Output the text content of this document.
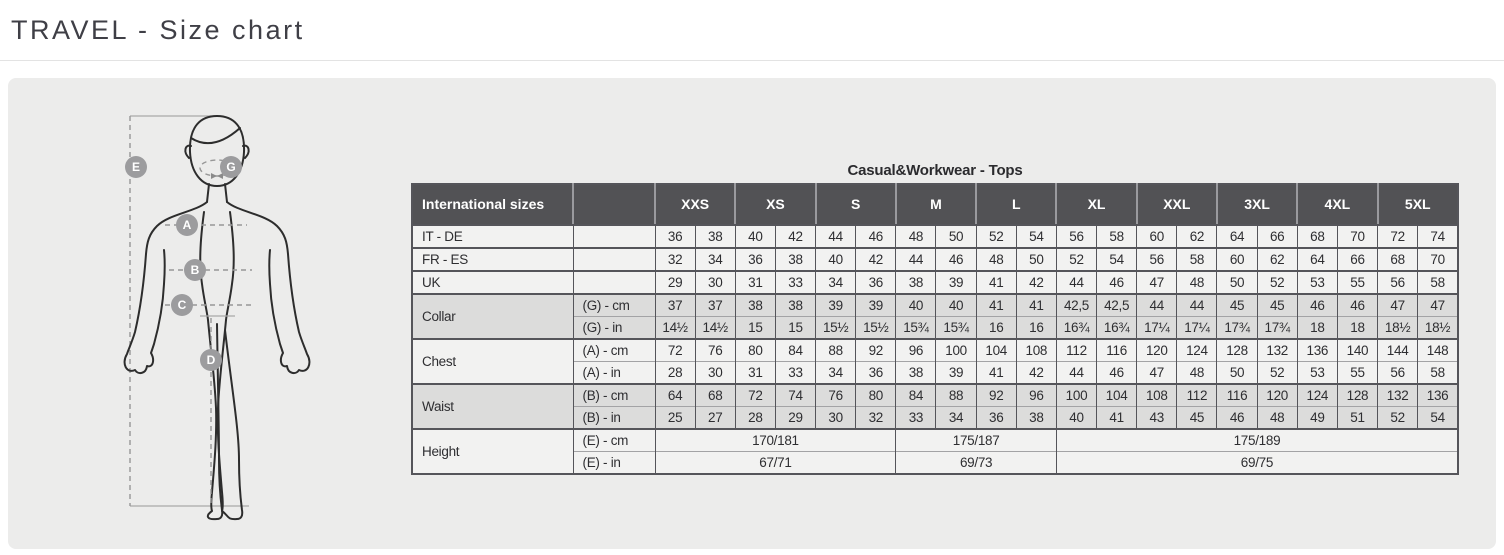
TRAVEL - Size chart
E	G
A
B
C
D
Casual&Workwear - Tops
International sizes		XXS		XS		S		M		L		XL		XXL		3XL		4XL		5XL	
IT - DE		36	38	40	42	44	46	48	50	52	54	56	58	60	62	64	66	68	70	72	74
FR - ES		32	34	36	38	40	42	44	46	48	50	52	54	56	58	60	62	64	66	68	70
UK		29	30	31	33	34	36	38	39	41	42	44	46	47	48	50	52	53	55	56	58
Collar	(G) - cm	37	37	38	38	39	39	40	40	41	41	42,5	42,5	44	44	45	45	46	46	47	47
	(G) - in	14½	14½	15	15	15½	15½	15¾	15¾	16	16	16¾	16¾	17¼	17¼	17¾	17¾	18	18	18½	18½
Chest	(A) - cm	72	76	80	84	88	92	96	100	104	108	112	116	120	124	128	132	136	140	144	148
	(A) - in	28	30	31	33	34	36	38	39	41	42	44	46	47	48	50	52	53	55	56	58
Waist	(B) - cm	64	68	72	74	76	80	84	88	92	96	100	104	108	112	116	120	124	128	132	136
	(B) - in	25	27	28	29	30	32	33	34	36	38	40	41	43	45	46	48	49	51	52	54
Height	(E) - cm	170/181						175/187				175/189									
	(E) - in	67/71						69/73				69/75									
